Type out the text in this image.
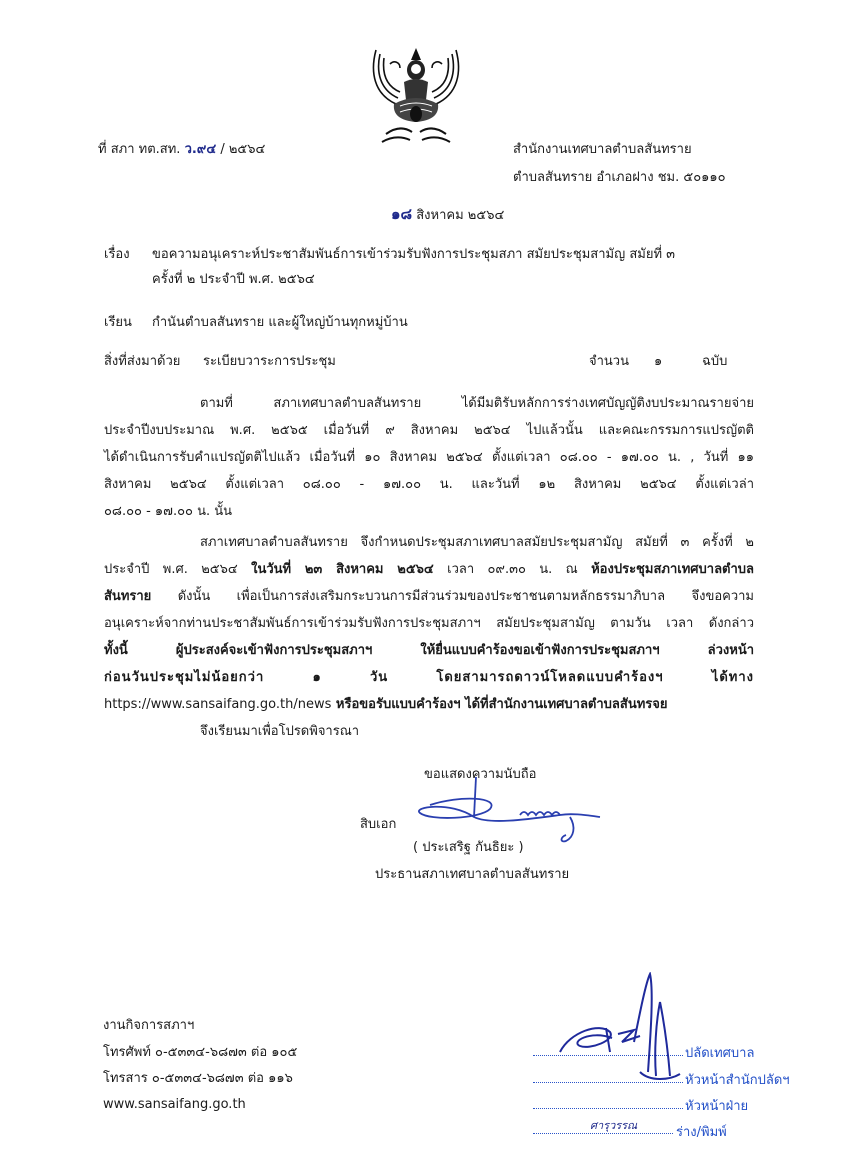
ที่ สภา ทต.สท. ว.๙๔ / ๒๕๖๔	สำนักงานเทศบาลตำบลสันทราย
ตำบลสันทราย อำเภอฝาง ชม. ๕๐๑๑๐
๑๘ สิงหาคม ๒๕๖๔
เรื่อง ขอความอนุเคราะห์ประชาสัมพันธ์การเข้าร่วมรับฟังการประชุมสภา สมัยประชุมสามัญ สมัยที่ ๓
ครั้งที่ ๒ ประจำปี พ.ศ. ๒๕๖๔
เรียน กำนันตำบลสันทราย และผู้ใหญ่บ้านทุกหมู่บ้าน
สิ่งที่ส่งมาด้วย ระเบียบวาระการประชุม	จำนวน ๑	ฉบับ
ตามที่ สภาเทศบาลตำบลสันทราย ได้มีมติรับหลักการร่างเทศบัญญัติงบประมาณรายจ่าย
ประจำปีงบประมาณ พ.ศ. ๒๕๖๕ เมื่อวันที่ ๙ สิงหาคม ๒๕๖๔ ไปแล้วนั้น และคณะกรรมการแปรญัตติ
ได้ดำเนินการรับคำแปรญัตติไปแล้ว เมื่อวันที่ ๑๐ สิงหาคม ๒๕๖๔ ตั้งแต่เวลา ๐๘.๐๐ - ๑๗.๐๐ น. , วันที่ ๑๑
สิงหาคม ๒๕๖๔ ตั้งแต่เวลา ๐๘.๐๐ - ๑๗.๐๐ น. และวันที่ ๑๒ สิงหาคม ๒๕๖๔ ตั้งแต่เวล่า
๐๘.๐๐ - ๑๗.๐๐ น. นั้น
สภาเทศบาลตำบลสันทราย จึงกำหนดประชุมสภาเทศบาลสมัยประชุมสามัญ สมัยที่ ๓ ครั้งที่ ๒
ประจำปี พ.ศ. ๒๕๖๔ ในวันที่ ๒๓ สิงหาคม ๒๕๖๔ เวลา ๐๙.๓๐ น. ณ ห้องประชุมสภาเทศบาลตำบล
สันทราย ดังนั้น เพื่อเป็นการส่งเสริมกระบวนการมีส่วนร่วมของประชาชนตามหลักธรรมาภิบาล จึงขอความ
อนุเคราะห์จากท่านประชาสัมพันธ์การเข้าร่วมรับฟังการประชุมสภาฯ สมัยประชุมสามัญ ตามวัน เวลา ดังกล่าว
ทั้งนี้ ผู้ประสงค์จะเข้าฟังการประชุมสภาฯ ให้ยื่นแบบคำร้องขอเข้าฟังการประชุมสภาฯ ล่วงหน้า
ก่อนวันประชุมไม่น้อยกว่า ๑ วัน โดยสามารถดาวน์โหลดแบบคำร้องฯ ได้ทาง
https://www.sansaifang.go.th/news หรือขอรับแบบคำร้องฯ ได้ที่สำนักงานเทศบาลตำบลสันทรจย
จึงเรียนมาเพื่อโปรดพิจารณา
ขอแสดงความนับถือ
สิบเอก
( ประเสริฐ กันธิยะ )
ประธานสภาเทศบาลตำบลสันทราย
งานกิจการสภาฯ
โทรศัพท์ ๐-๕๓๓๔-๖๘๗๓ ต่อ ๑๐๕
โทรสาร ๐-๕๓๓๔-๖๘๗๓ ต่อ ๑๑๖
www.sansaifang.go.th
ปลัดเทศบาล
หัวหน้าสำนักปลัดฯ
หัวหน้าฝ่าย
ศารุวรรณ	ร่าง/พิมพ์
